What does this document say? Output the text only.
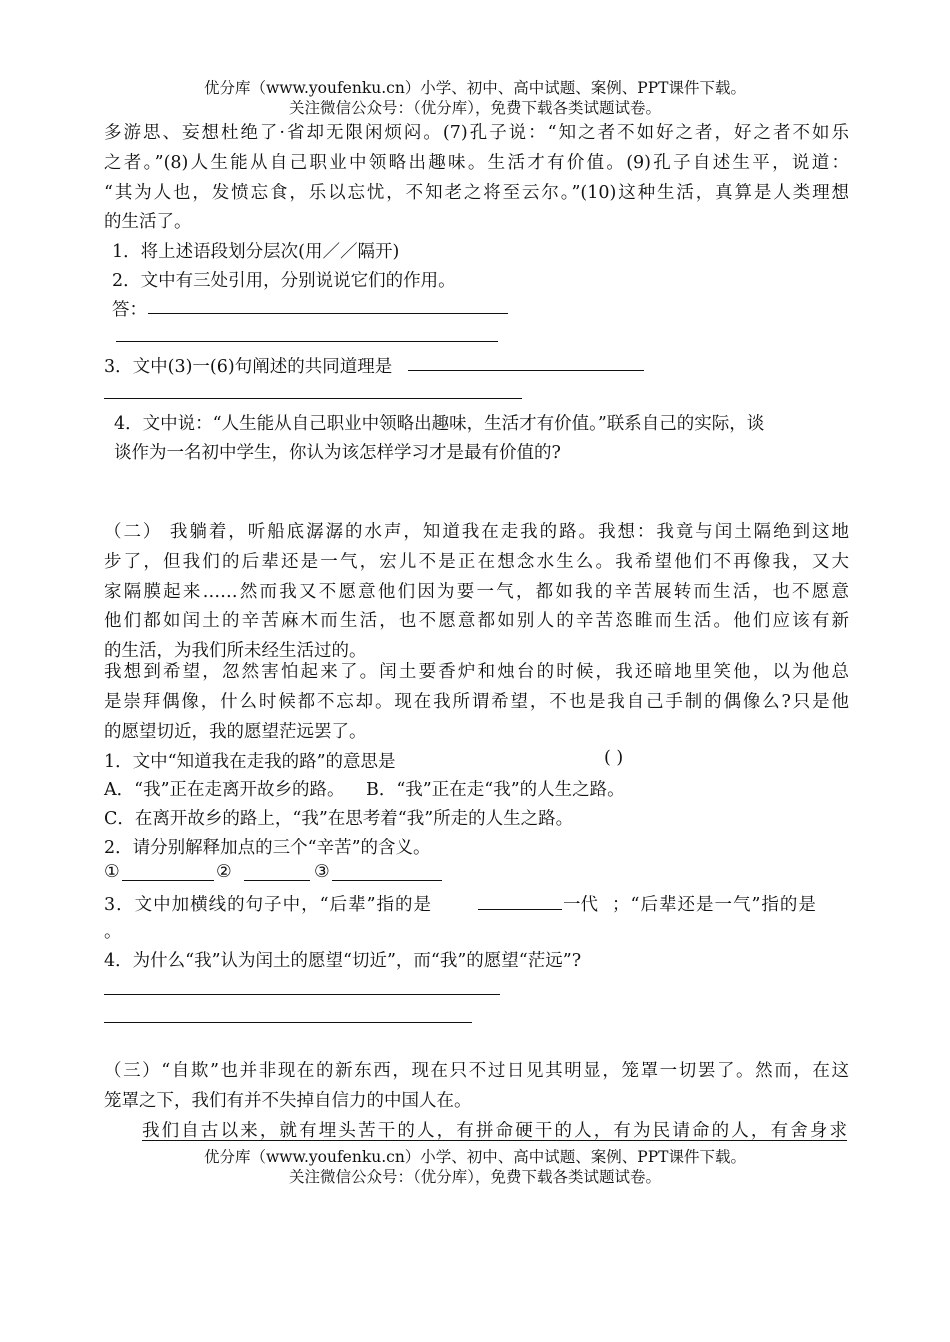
优分库（www.youfenku.cn）小学、初中、高中试题、案例、PPT课件下载。
关注微信公众号：（优分库），免费下载各类试题试卷。
多游思、妄想杜绝了·省却无限闲烦闷。(7)孔子说：“知之者不如好之者，好之者不如乐
之者。”(8)人生能从自己职业中领略出趣味。生活才有价值。(9)孔子自述生平，说道：
“其为人也，发愤忘食，乐以忘忧，不知老之将至云尔。”(10)这种生活，真算是人类理想
的生活了。
1．将上述语段划分层次(用／／隔开)
2．文中有三处引用，分别说说它们的作用。
答：
3．文中(3)一(6)句阐述的共同道理是
4．文中说：“人生能从自己职业中领略出趣味，生活才有价值。”联系自己的实际，谈
谈作为一名初中学生，你认为该怎样学习才是最有价值的?
（二） 我躺着，听船底潺潺的水声，知道我在走我的路。我想：我竟与闰土隔绝到这地
步了，但我们的后辈还是一气，宏儿不是正在想念水生么。我希望他们不再像我，又大
家隔膜起来……然而我又不愿意他们因为要一气，都如我的辛苦展转而生活，也不愿意
他们都如闰土的辛苦麻木而生活，也不愿意都如别人的辛苦恣睢而生活。他们应该有新
的生活，为我们所未经生活过的。
我想到希望，忽然害怕起来了。闰土要香炉和烛台的时候，我还暗地里笑他，以为他总
是崇拜偶像，什么时候都不忘却。现在我所谓希望，不也是我自己手制的偶像么?只是他
的愿望切近，我的愿望茫远罢了。
1．文中“知道我在走我的路”的意思是	( )
A．“我”正在走离开故乡的路。 B．“我”正在走“我”的人生之路。
C．在离开故乡的路上，“我”在思考着“我”所走的人生之路。
2．请分别解释加点的三个“辛苦”的含义。
①	②	③
3．文中加横线的句子中，“后辈”指的是	一代 ；“后辈还是一气”指的是
。
4．为什么“我”认为闰土的愿望“切近”，而“我”的愿望“茫远”?
（三）“自欺”也并非现在的新东西，现在只不过日见其明显，笼罩一切罢了。然而，在这
笼罩之下，我们有并不失掉自信力的中国人在。
我们自古以来，就有埋头苦干的人，有拼命硬干的人，有为民请命的人，有舍身求
优分库（www.youfenku.cn）小学、初中、高中试题、案例、PPT课件下载。
关注微信公众号：（优分库），免费下载各类试题试卷。
